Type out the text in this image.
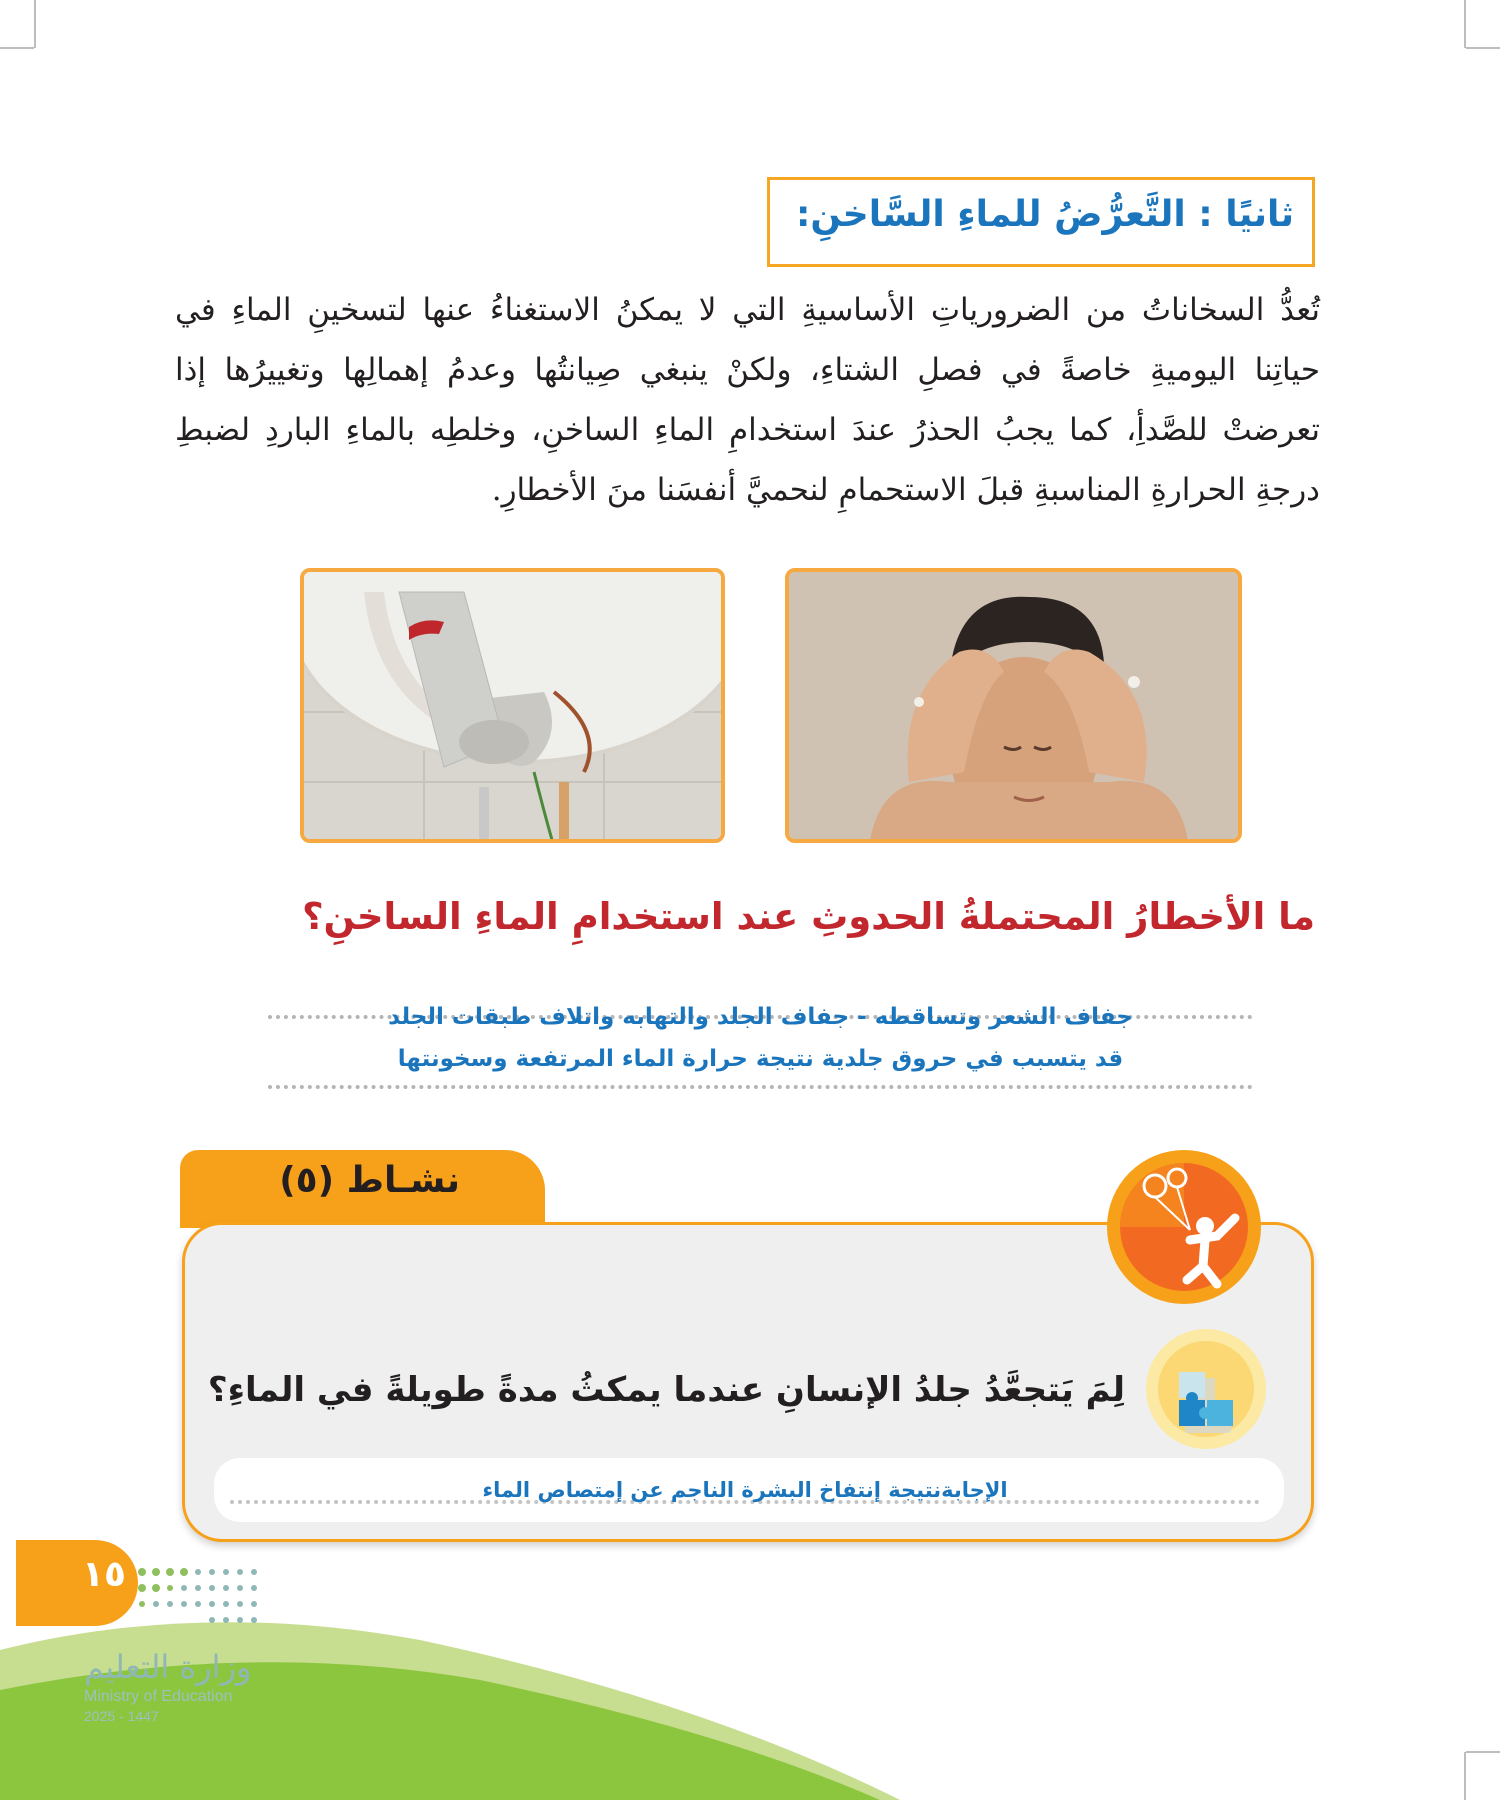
ثانيًا : التَّعرُّضُ للماءِ السَّاخنِ:
تُعدُّ السخاناتُ من الضرورياتِ الأساسيةِ التي لا يمكنُ الاستغناءُ عنها لتسخينِ الماءِ في حياتِنا اليوميةِ خاصةً في فصلِ الشتاءِ، ولكنْ ينبغي صِيانتُها وعدمُ إهمالِها وتغييرُها إذا تعرضتْ للصَّدأِ، كما يجبُ الحذرُ عندَ استخدامِ الماءِ الساخنِ، وخلطِه بالماءِ الباردِ لضبطِ درجةِ الحرارةِ المناسبةِ قبلَ الاستحمامِ لنحميَّ أنفسَنا منَ الأخطارِ.
ما الأخطارُ المحتملةُ الحدوثِ عند استخدامِ الماءِ الساخنِ؟
جفاف الشعر وتساقطه - جفاف الجلد والتهابه واتلاف طبقات الجلد
قد يتسبب في حروق جلدية نتيجة حرارة الماء المرتفعة وسخونتها
نشـاط (٥)
لِمَ يَتجعَّدُ جلدُ الإنسانِ عندما يمكثُ مدةً طويلةً في الماءِ؟
الإجابةنتيجة إنتفاخ البشرة الناجم عن إمتصاص الماء
١٥
وزارة التعليم
Ministry of Education
2025 - 1447
